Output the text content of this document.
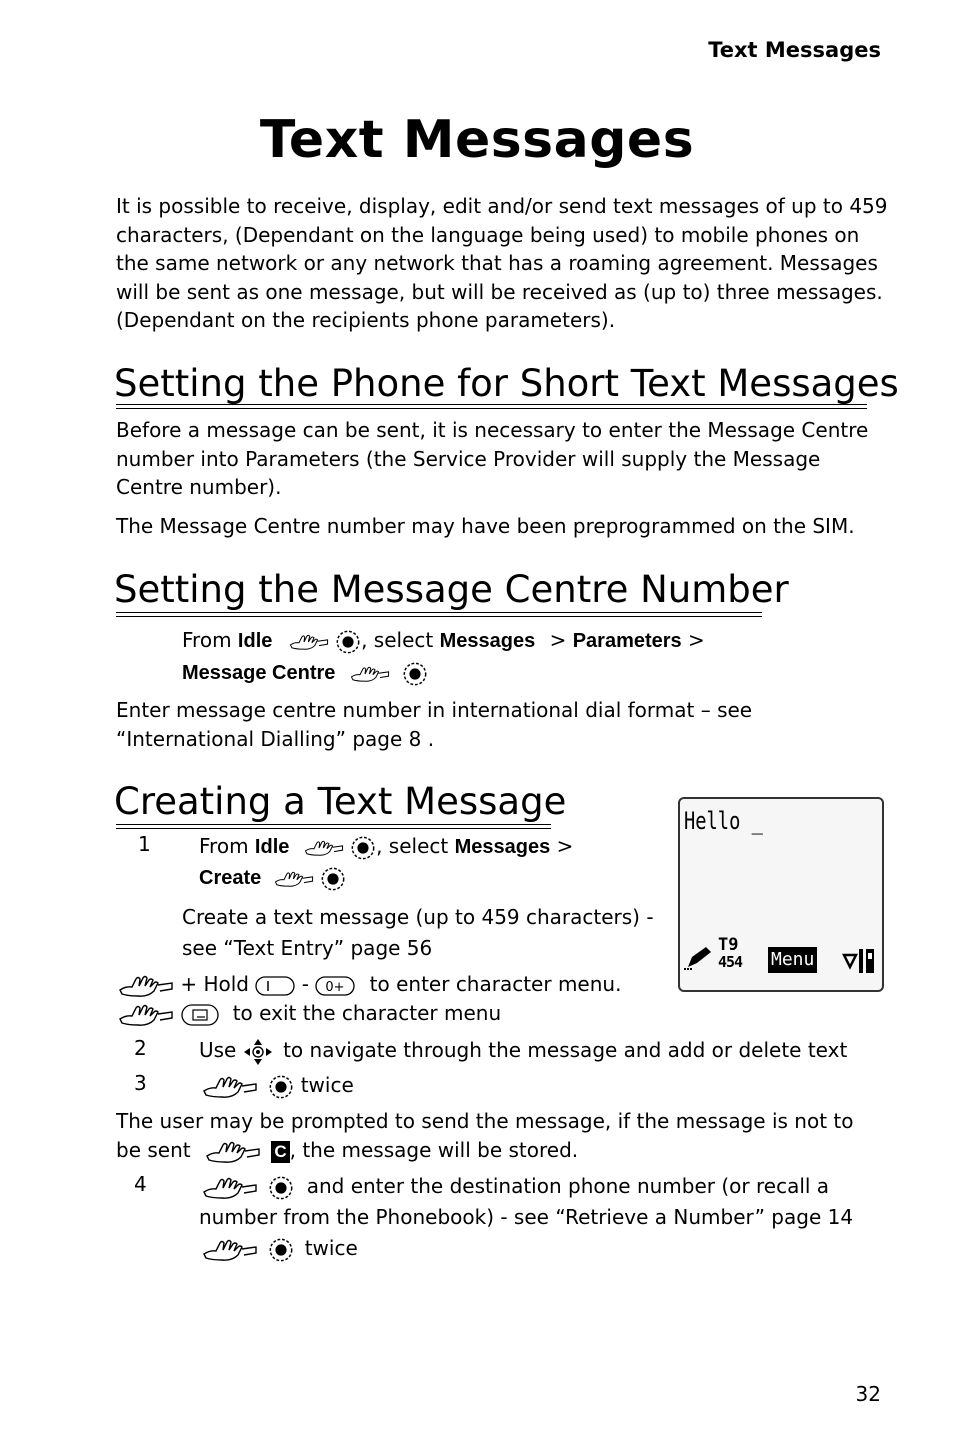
Text Messages
Text Messages
It is possible to receive, display, edit and/or send text messages of up to 459
characters, (Dependant on the language being used) to mobile phones on
the same network or any network that has a roaming agreement. Messages
will be sent as one message, but will be received as (up to) three messages.
(Dependant on the recipients phone parameters).
Setting the Phone for Short Text Messages
Before a message can be sent, it is necessary to enter the Message Centre
number into Parameters (the Service Provider will supply the Message
Centre number).
The Message Centre number may have been preprogrammed on the SIM.
Setting the Message Centre Number
From Idle
	, select Messages > Parameters >
Message Centre

Enter message centre number in international dial format – see
“International Dialling” page 8 .
Creating a Text Message
1 From Idle
	, select Messages >
Create

Create a text message (up to 459 characters) -
see “Text Entry” page 56
+ Hold	- 0+ to enter character menu.

to exit the character menu
2	Use to navigate through the message and add or delete text
3
	twice
The user may be prompted to send the message, if the message is not to
be sent	C , the message will be stored.
4
	and enter the destination phone number (or recall a
number from the Phonebook) - see “Retrieve a Number” page 14

twice
Hello _
T9
454 Menu
32
